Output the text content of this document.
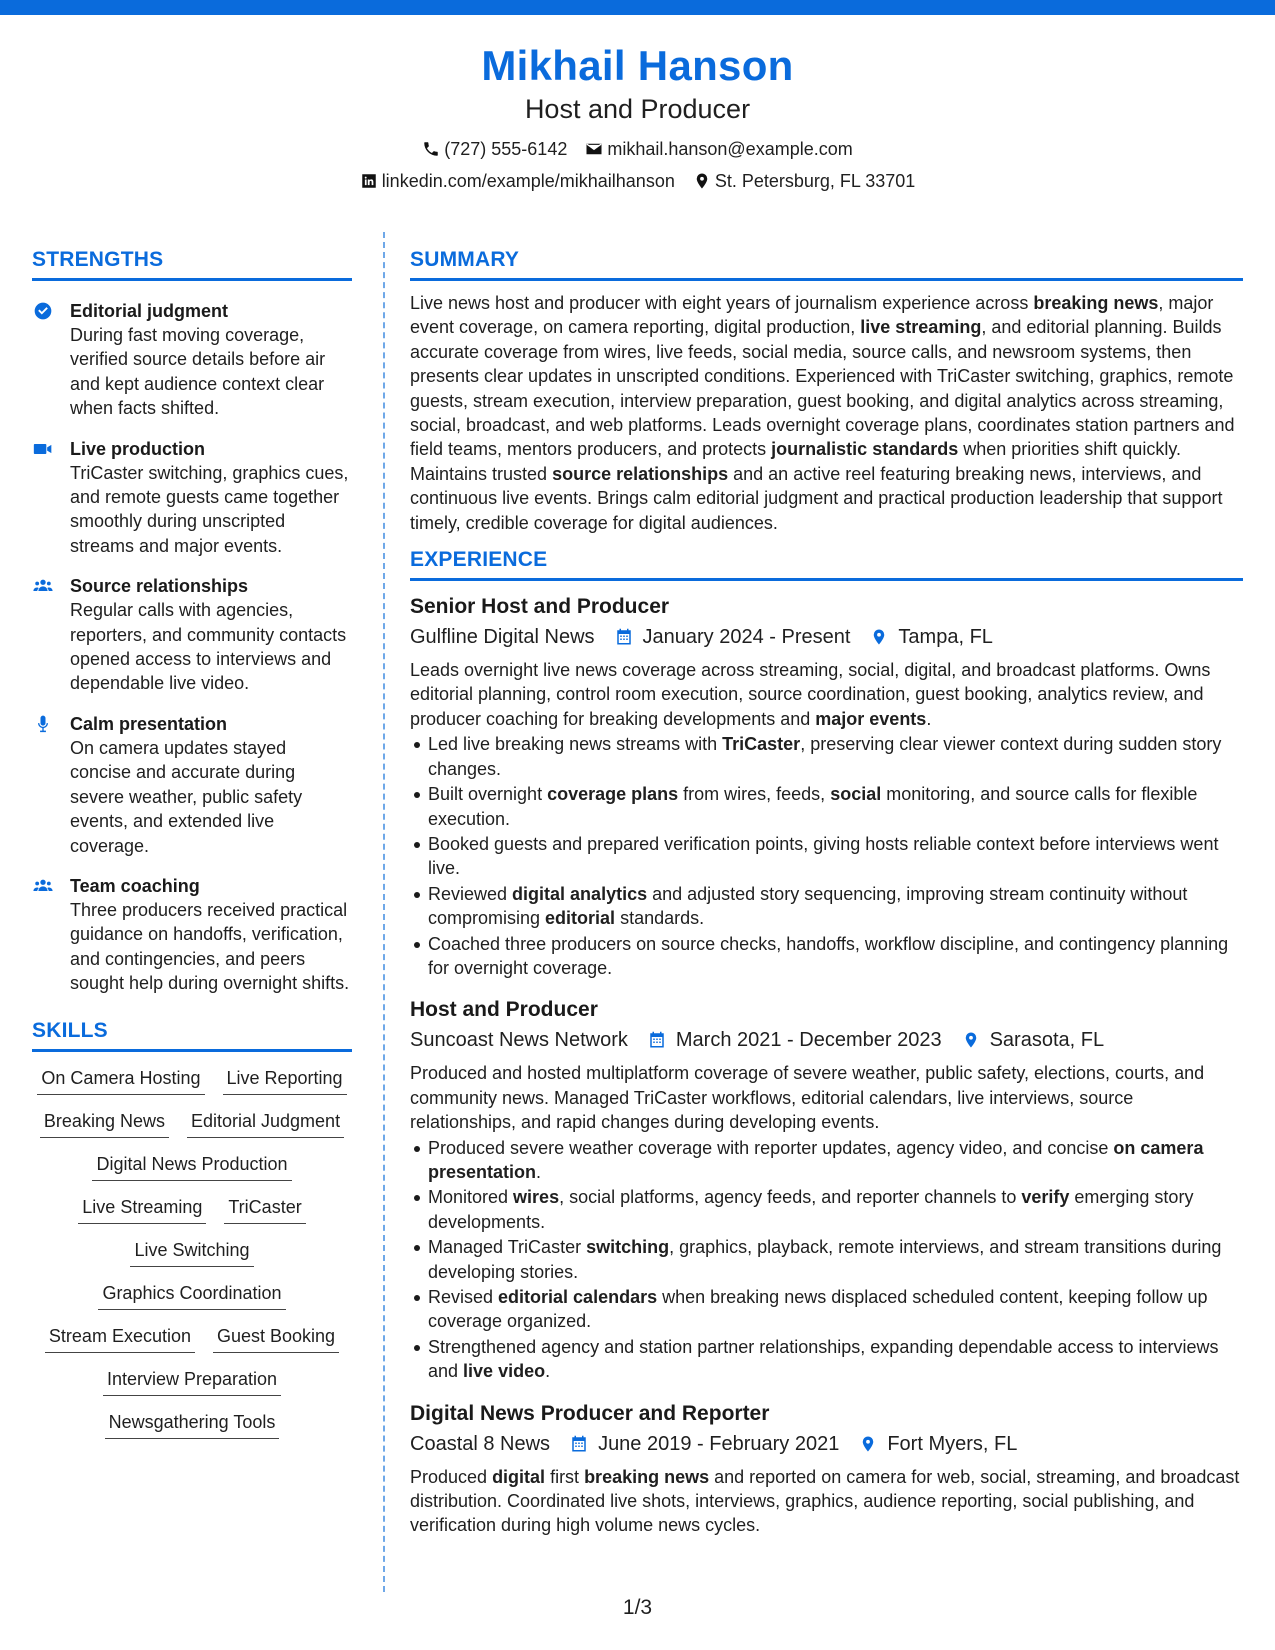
Mikhail Hanson
Host and Producer
(727) 555-6142 mikhail.hanson@example.com
linkedin.com/example/mikhailhanson St. Petersburg, FL 33701
STRENGTHS
Editorial judgment
During fast moving coverage, verified source details before air and kept audience context clear when facts shifted.
Live production
TriCaster switching, graphics cues, and remote guests came together smoothly during unscripted streams and major events.
Source relationships
Regular calls with agencies, reporters, and community contacts opened access to interviews and dependable live video.
Calm presentation
On camera updates stayed concise and accurate during severe weather, public safety events, and extended live coverage.
Team coaching
Three producers received practical guidance on handoffs, verification, and contingencies, and peers sought help during overnight shifts.
SKILLS
On Camera Hosting Live Reporting
Breaking News Editorial Judgment
Digital News Production
Live Streaming TriCaster
Live Switching
Graphics Coordination
Stream Execution Guest Booking
Interview Preparation
Newsgathering Tools
SUMMARY
Live news host and producer with eight years of journalism experience across breaking news, major event coverage, on camera reporting, digital production, live streaming, and editorial planning. Builds accurate coverage from wires, live feeds, social media, source calls, and newsroom systems, then presents clear updates in unscripted conditions. Experienced with TriCaster switching, graphics, remote guests, stream execution, interview preparation, guest booking, and digital analytics across streaming, social, broadcast, and web platforms. Leads overnight coverage plans, coordinates station partners and field teams, mentors producers, and protects journalistic standards when priorities shift quickly. Maintains trusted source relationships and an active reel featuring breaking news, interviews, and continuous live events. Brings calm editorial judgment and practical production leadership that support timely, credible coverage for digital audiences.
EXPERIENCE
Senior Host and Producer
Gulfline Digital News January 2024 - Present Tampa, FL
Leads overnight live news coverage across streaming, social, digital, and broadcast platforms. Owns editorial planning, control room execution, source coordination, guest booking, analytics review, and producer coaching for breaking developments and major events.
Led live breaking news streams with TriCaster, preserving clear viewer context during sudden story changes.
Built overnight coverage plans from wires, feeds, social monitoring, and source calls for flexible execution.
Booked guests and prepared verification points, giving hosts reliable context before interviews went live.
Reviewed digital analytics and adjusted story sequencing, improving stream continuity without compromising editorial standards.
Coached three producers on source checks, handoffs, workflow discipline, and contingency planning for overnight coverage.
Host and Producer
Suncoast News Network March 2021 - December 2023 Sarasota, FL
Produced and hosted multiplatform coverage of severe weather, public safety, elections, courts, and community news. Managed TriCaster workflows, editorial calendars, live interviews, source relationships, and rapid changes during developing events.
Produced severe weather coverage with reporter updates, agency video, and concise on camera presentation.
Monitored wires, social platforms, agency feeds, and reporter channels to verify emerging story developments.
Managed TriCaster switching, graphics, playback, remote interviews, and stream transitions during developing stories.
Revised editorial calendars when breaking news displaced scheduled content, keeping follow up coverage organized.
Strengthened agency and station partner relationships, expanding dependable access to interviews and live video.
Digital News Producer and Reporter
Coastal 8 News June 2019 - February 2021 Fort Myers, FL
Produced digital first breaking news and reported on camera for web, social, streaming, and broadcast distribution. Coordinated live shots, interviews, graphics, audience reporting, social publishing, and verification during high volume news cycles.
1/3
